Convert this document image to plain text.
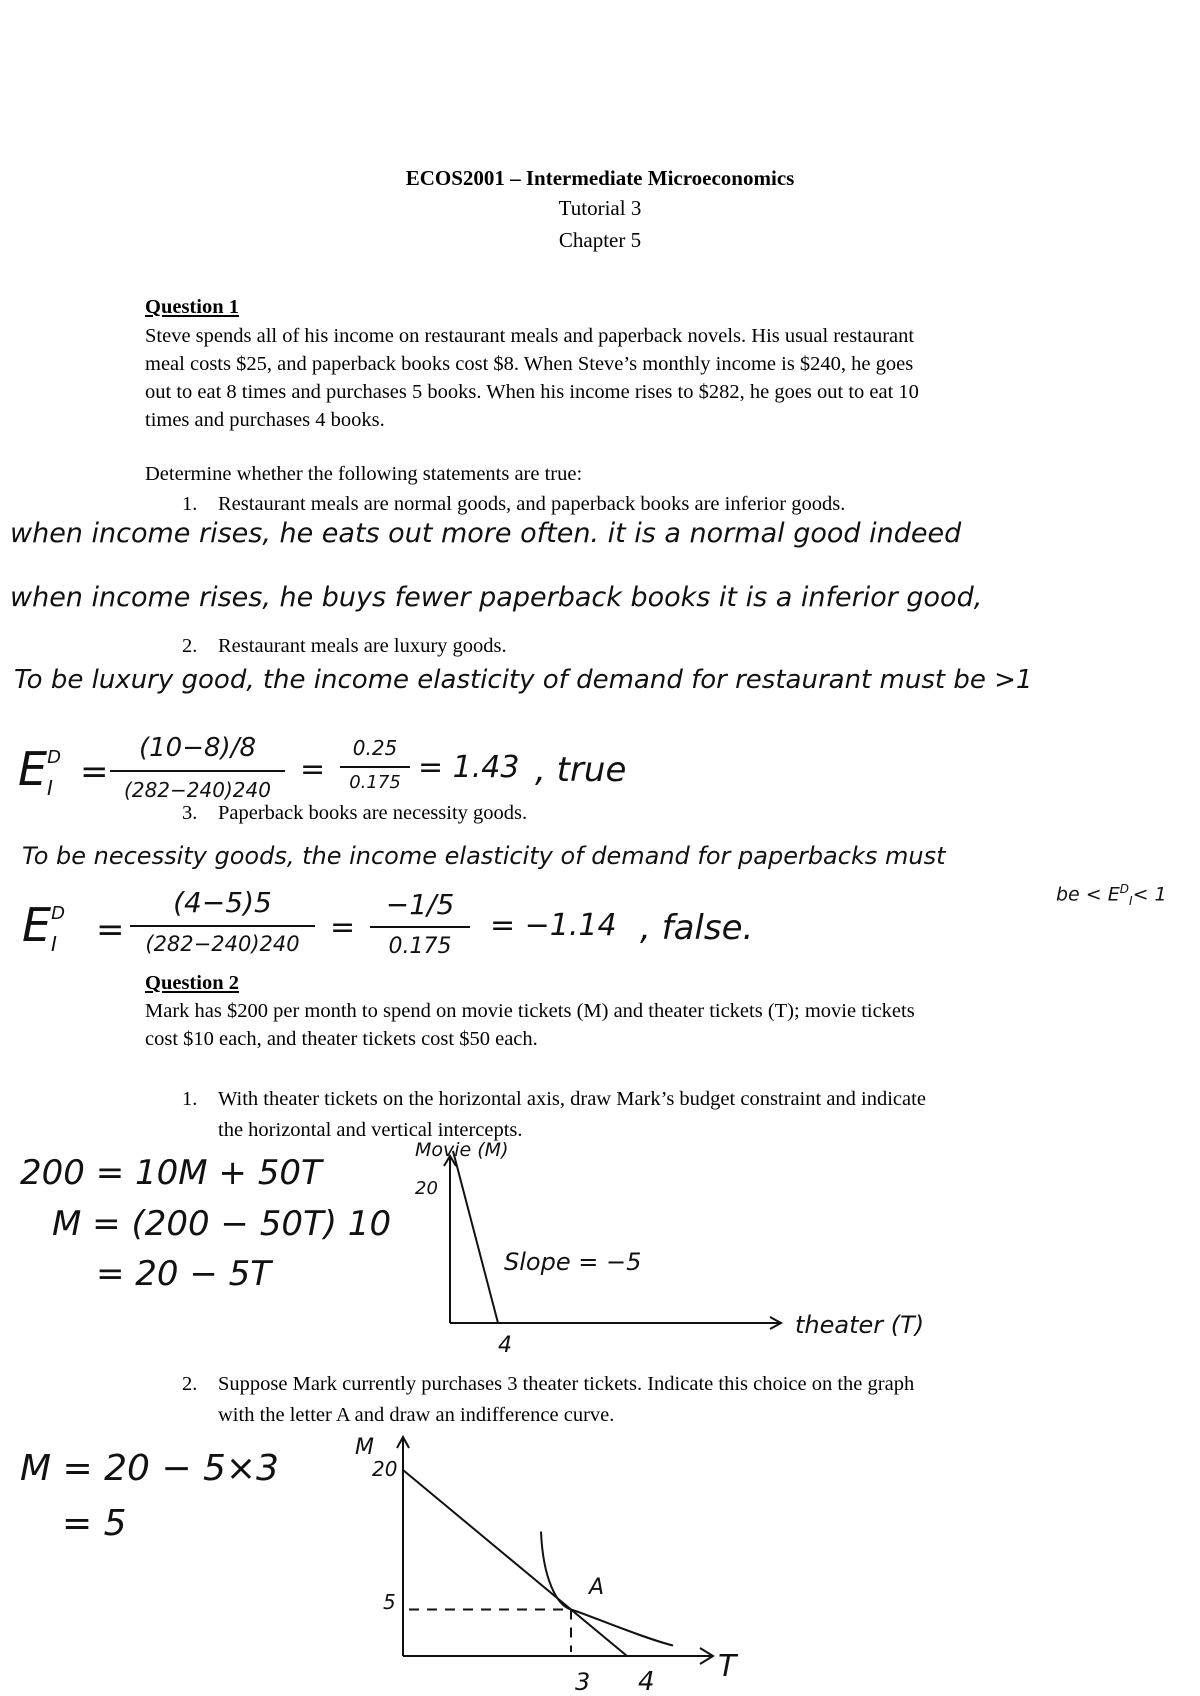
ECOS2001 – Intermediate Microeconomics
Tutorial 3
Chapter 5
Question 1
Steve spends all of his income on restaurant meals and paperback novels. His usual restaurant
meal costs $25, and paperback books cost $8. When Steve’s monthly income is $240, he goes
out to eat 8 times and purchases 5 books. When his income rises to $282, he goes out to eat 10
times and purchases 4 books.
Determine whether the following statements are true:
1. Restaurant meals are normal goods, and paperback books are inferior goods.
when income rises, he eats out more often. it is a normal good indeed
when income rises, he buys fewer paperback books it is a inferior good,
2. Restaurant meals are luxury goods.
To be luxury good, the income elasticity of demand for restaurant must be >1
$E^D_I$ =
(10−8)/8
(282−240)240
=
0.25
0.175 = 1.43 , true
3. Paperback books are necessity goods.
To be necessity goods, the income elasticity of demand for paperbacks must
be < $E^D_I< 1$
$E^D_I$	=
(4−5)5
(282−240)240	=
−1/5
0.175
= −1.14 , false.
Question 2
Mark has $200 per month to spend on movie tickets (M) and theater tickets (T); movie tickets
cost $10 each, and theater tickets cost $50 each.
1. With theater tickets on the horizontal axis, draw Mark’s budget constraint and indicate
the horizontal and vertical intercepts.
200 = 10M + 50T
M = (200 − 50T) 10
= 20 − 5T
Movie (M)
20
Slope = −5
4
theater (T)
2. Suppose Mark currently purchases 3 theater tickets. Indicate this choice on the graph
with the letter A and draw an indifference curve.
M = 20 − 5×3
= 5
M
T
20
5
3 4
A
